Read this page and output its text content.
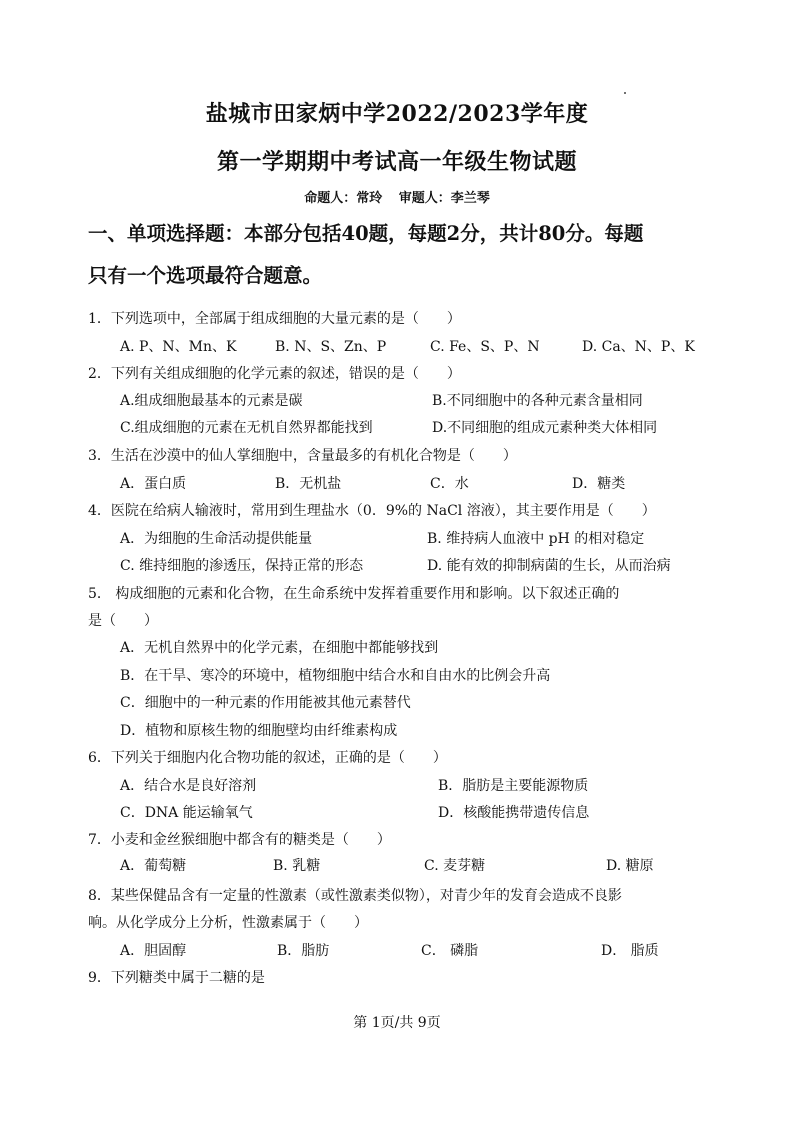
盐城市田家炳中学2022/2023学年度
第一学期期中考试高一年级生物试题
命题人：常玲 审题人：李兰琴
一、单项选择题：本部分包括40题，每题2分，共计80分。每题
只有一个选项最符合题意。
1．下列选项中，全部属于组成细胞的大量元素的是（　　）
A. P、N、Mn、K	B. N、S、Zn、P	C. Fe、S、P、N	D. Ca、N、P、K
2．下列有关组成细胞的化学元素的叙述，错误的是（　　）
A.组成细胞最基本的元素是碳	B.不同细胞中的各种元素含量相同
C.组成细胞的元素在无机自然界都能找到	D.不同细胞的组成元素种类大体相同
3．生活在沙漠中的仙人掌细胞中，含量最多的有机化合物是（　　）
A．蛋白质	B．无机盐	C．水	D．糖类
4．医院在给病人输液时，常用到生理盐水（0．9%的 NaCl 溶液），其主要作用是（　　）
A．为细胞的生命活动提供能量	B. 维持病人血液中 pH 的相对稳定
C. 维持细胞的渗透压，保持正常的形态	D. 能有效的抑制病菌的生长，从而治病
5． 构成细胞的元素和化合物，在生命系统中发挥着重要作用和影响。以下叙述正确的
是（　　）
A．无机自然界中的化学元素，在细胞中都能够找到
B．在干旱、寒冷的环境中，植物细胞中结合水和自由水的比例会升高
C．细胞中的一种元素的作用能被其他元素替代
D．植物和原核生物的细胞壁均由纤维素构成
6．下列关于细胞内化合物功能的叙述，正确的是（　　）
A．结合水是良好溶剂	B．脂肪是主要能源物质
C．DNA 能运输氧气	D．核酸能携带遗传信息
7．小麦和金丝猴细胞中都含有的糖类是（　　）
A．葡萄糖	B. 乳糖	C. 麦芽糖	D. 糖原
8．某些保健品含有一定量的性激素（或性激素类似物），对青少年的发育会造成不良影
响。从化学成分上分析，性激素属于（　　）
A．胆固醇	B．脂肪	C． 磷脂	D． 脂质
9．下列糖类中属于二糖的是
第 1页/共 9页
